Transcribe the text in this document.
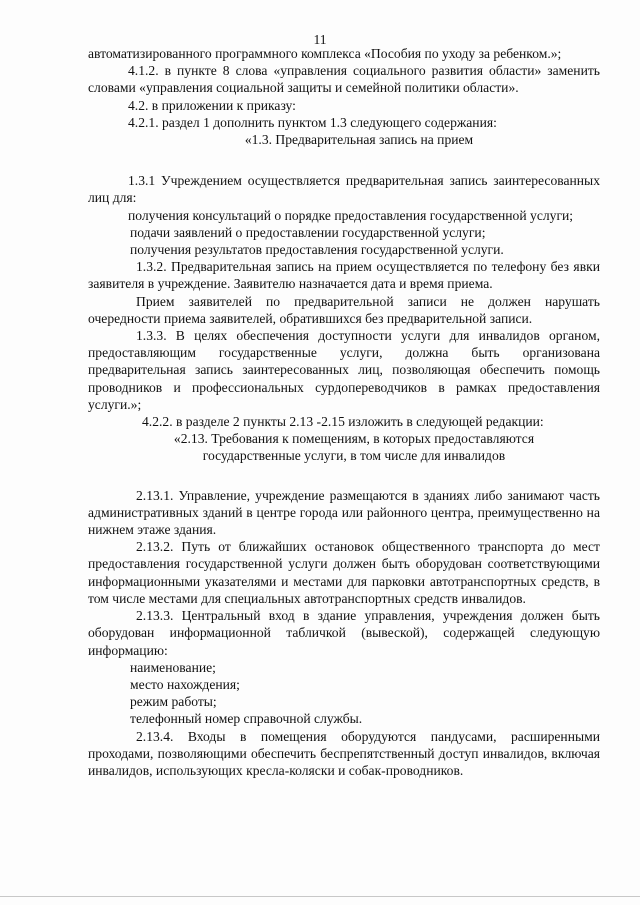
11

автоматизированного программного комплекса «Пособия по уходу за ребенком.»;

4.1.2. в пункте 8 слова «управления социального развития области» заменить словами «управления социальной защиты и семейной политики области».

4.2. в приложении к приказу:

4.2.1. раздел 1 дополнить пунктом 1.3 следующего содержания:

«1.3. Предварительная запись на прием

1.3.1 Учреждением осуществляется предварительная запись заинтересованных лиц для:

получения консультаций о порядке предоставления государственной услуги;

подачи заявлений о предоставлении государственной услуги;

получения результатов предоставления государственной услуги.

1.3.2. Предварительная запись на прием осуществляется по телефону без явки заявителя в учреждение. Заявителю назначается дата и время приема.

Прием заявителей по предварительной записи не должен нарушать очередности приема заявителей, обратившихся без предварительной записи.

1.3.3. В целях обеспечения доступности услуги для инвалидов органом, предоставляющим государственные услуги, должна быть организована предварительная запись заинтересованных лиц, позволяющая обеспечить помощь проводников и профессиональных сурдопереводчиков в рамках предоставления услуги.»;

4.2.2. в разделе 2 пункты 2.13 -2.15 изложить в следующей редакции:

«2.13. Требования к помещениям, в которых предоставляются

государственные услуги, в том числе для инвалидов

2.13.1. Управление, учреждение размещаются в зданиях либо занимают часть административных зданий в центре города или районного центра, преимущественно на нижнем этаже здания.

2.13.2. Путь от ближайших остановок общественного транспорта до мест предоставления государственной услуги должен быть оборудован соответствующими информационными указателями и местами для парковки автотранспортных средств, в том числе местами для специальных автотранспортных средств инвалидов.

2.13.3. Центральный вход в здание управления, учреждения должен быть оборудован информационной табличкой (вывеской), содержащей следующую информацию:

наименование;

место нахождения;

режим работы;

телефонный номер справочной службы.

2.13.4. Входы в помещения оборудуются пандусами, расширенными проходами, позволяющими обеспечить беспрепятственный доступ инвалидов, включая инвалидов, использующих кресла-коляски и собак-проводников.
